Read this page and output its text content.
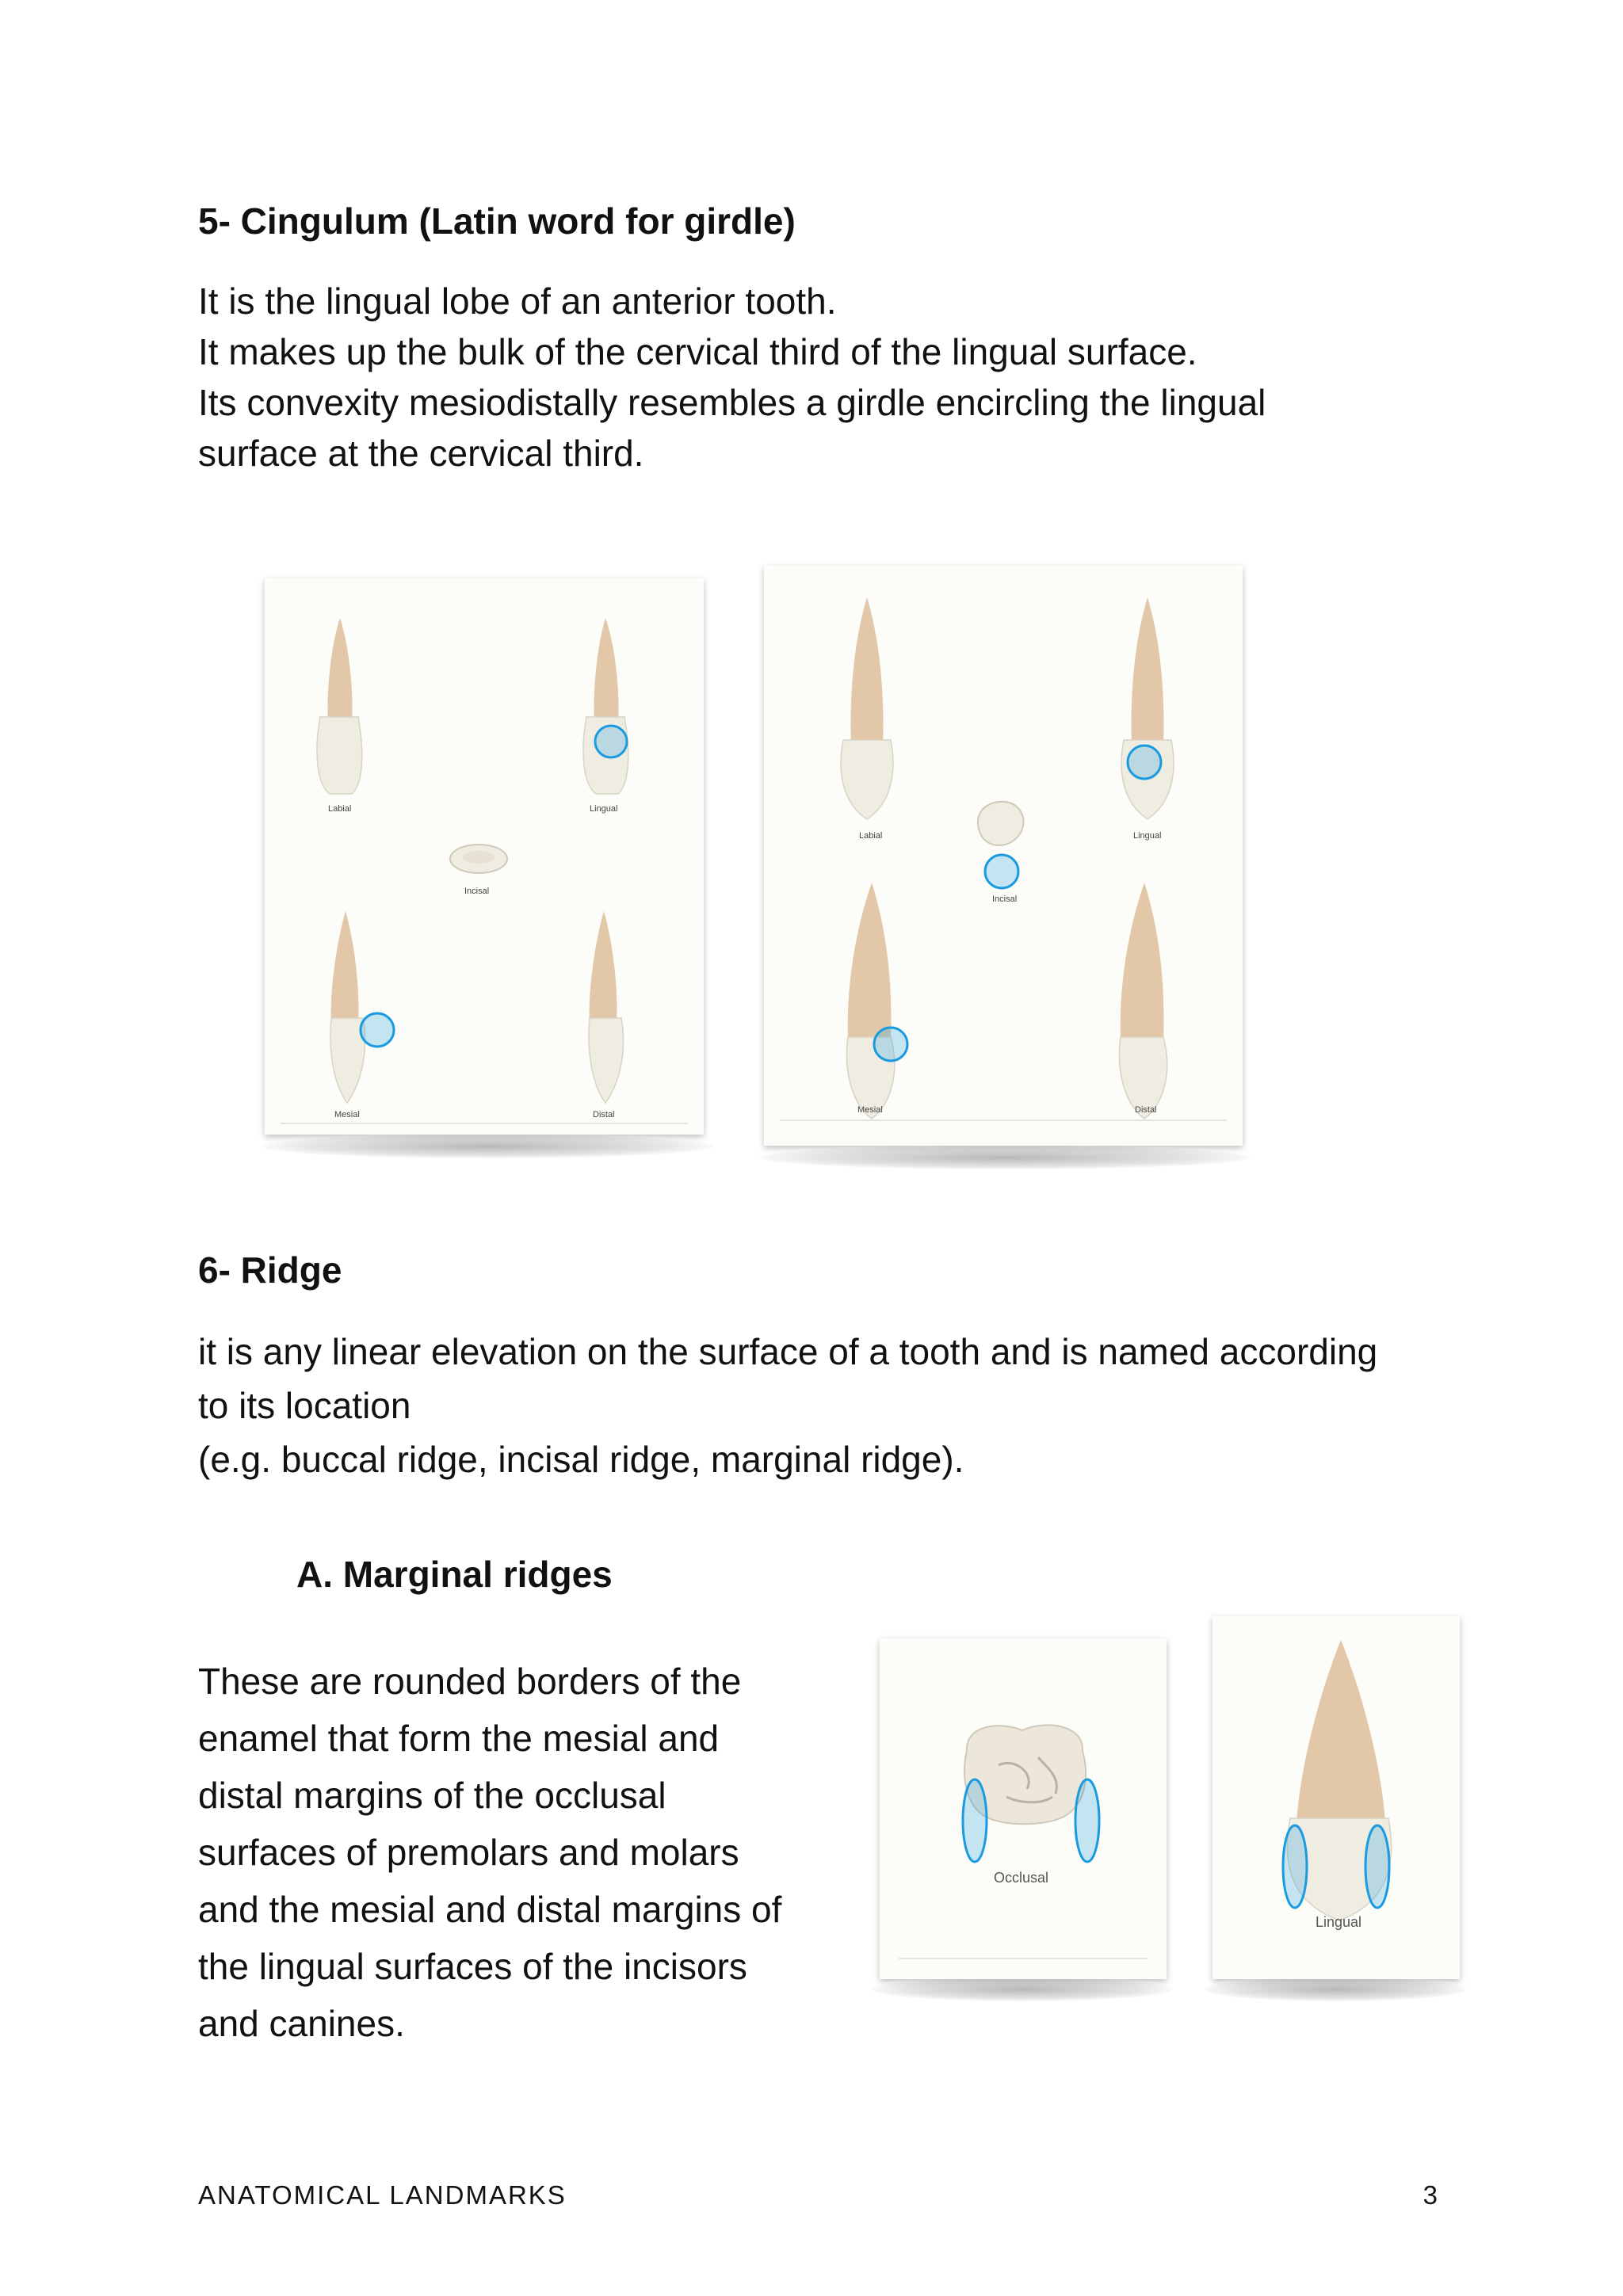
5- Cingulum (Latin word for girdle)
It is the lingual lobe of an anterior tooth.
It makes up the bulk of the cervical third of the lingual surface.
Its convexity mesiodistally resembles a girdle encircling the lingual
surface at the cervical third.
Labial	Lingual
Incisal
Mesial	Distal
Labial	Lingual
Incisal
Mesial	Distal
6- Ridge
it is any linear elevation on the surface of a tooth and is named according
to its location
(e.g. buccal ridge, incisal ridge, marginal ridge).
A. Marginal ridges
These are rounded borders of the
enamel that form the mesial and
distal margins of the occlusal
surfaces of premolars and molars
and the mesial and distal margins of
the lingual surfaces of the incisors
and canines.
Occlusal
Lingual
ANATOMICAL LANDMARKS	3
